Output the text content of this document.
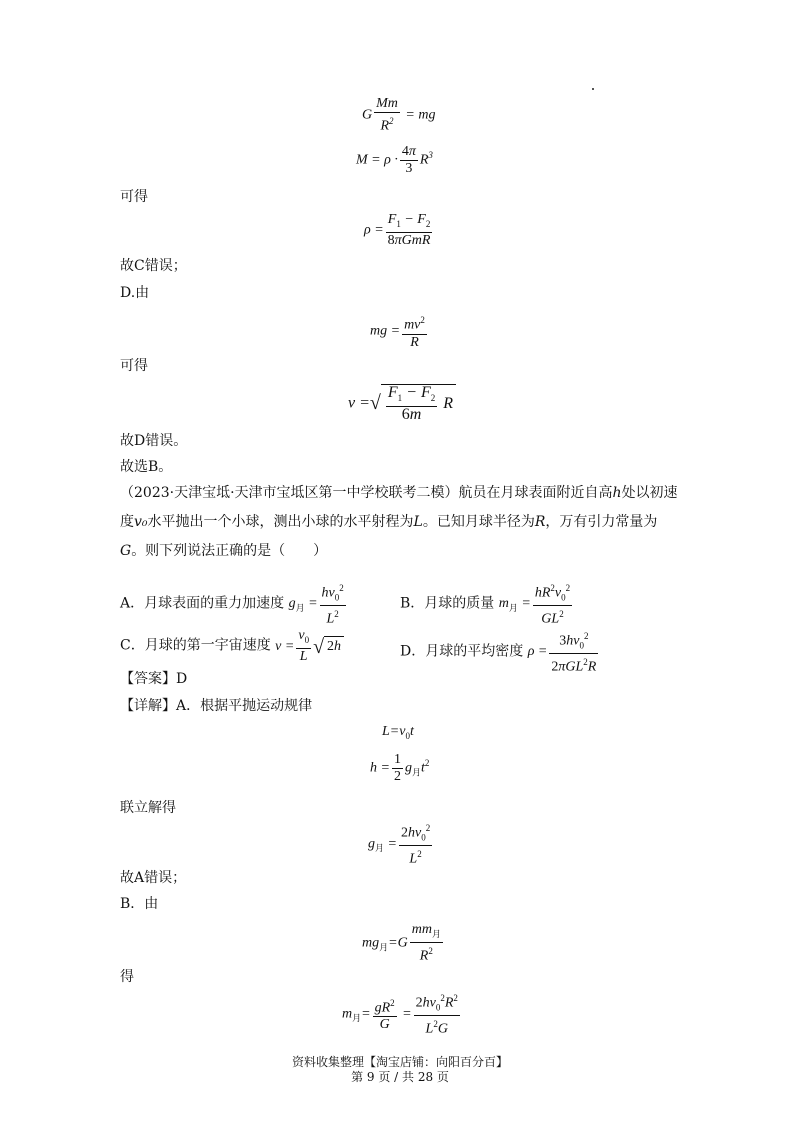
G $\frac{Mm}{R^2}$ = mg
$M = \rho \cdot \frac{4\pi}{3} R^3$
可得
$\rho = \frac{F_1 - F_2}{\text{8πGmR}}$
故C错误；
D.由
mg = $\frac{mv^2}{R}$
可得
v =√ $\frac{F_1 - F_2}{6m}$ R
故D错误。
故选B。
（2023·天津宝坻·天津市宝坻区第一中学校联考二模）航员在月球表面附近自高h处以初速
度v₀水平抛出一个小球，测出小球的水平射程为L。已知月球半径为R，万有引力常量为
G。则下列说法正确的是（　　）
A．月球表面的重力加速度 $g_月 = \frac{hv_0^2}{L^2}$	B．月球的质量 $m_月 = \frac{hR^2v_0^2}{GL^2}$
C．月球的第一宇宙速度 $v = \frac{v_0}{L}$ √ 2h	D．月球的平均密度 $\rho = \frac{3hv_0^2}{2\pi GL^2R}$
【答案】D
【详解】A．根据平抛运动规律
$L=v_0t$
$h = \frac{1}{2} g_月t^2$
联立解得
$g_月 = \frac{2hv_0^2}{L^2}$
故A错误；
B．由
$mg_月=G \frac{mm_月}{R^2}$
得
$m_月= \frac{gR^2}{G} = \frac{2hv_0^2R^2}{L^2G}$
资料收集整理【淘宝店铺：向阳百分百】
第 9 页 / 共 28 页
